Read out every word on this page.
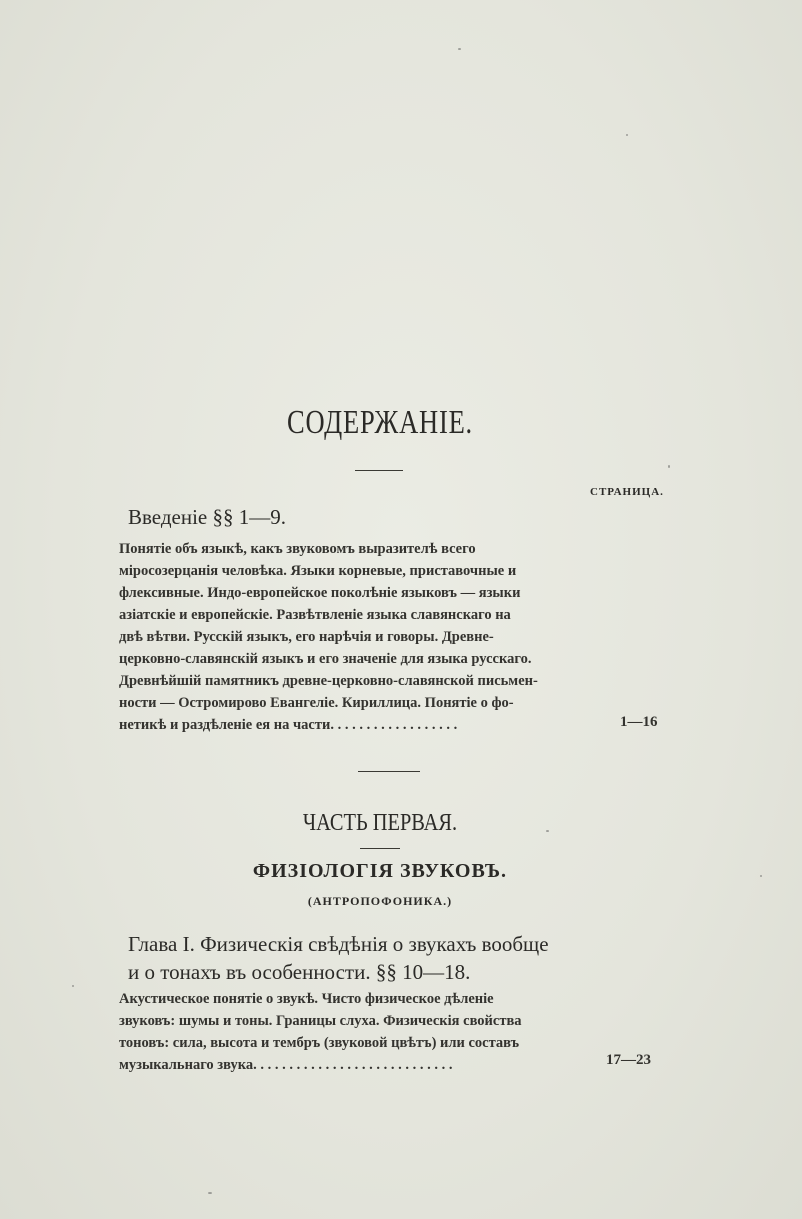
СОДЕРЖАНІЕ.
СТРАНИЦА.
Введеніе §§ 1—9.
Понятіе объ языкѣ, какъ звуковомъ выразителѣ всего
міросозерцанія человѣка. Языки корневые, приставочные и
флексивные. Индо-европейское поколѣніе языковъ — языки
азіатскіе и европейскіе. Развѣтвленіе языка славянскаго на
двѣ вѣтви. Русскій языкъ, его нарѣчія и говоры. Древне-
церковно-славянскій языкъ и его значеніе для языка русскаго.
Древнѣйшій памятникъ древне-церковно-славянской письмен-
ности — Остромирово Евангеліе. Кириллица. Понятіе о фо-
нетикѣ и раздѣленіе ея на части. . . . . . . . . . . . . . . . . .	1—16
ЧАСТЬ ПЕРВАЯ.
ФИЗІОЛОГІЯ ЗВУКОВЪ.
(АНТРОПОФОНИКА.)
Глава I. Физическія свѣдѣнія о звукахъ вообще
и о тонахъ въ особенности. §§ 10—18.
Акустическое понятіе о звукѣ. Чисто физическое дѣленіе
звуковъ: шумы и тоны. Границы слуха. Физическія свойства
тоновъ: сила, высота и тембръ (звуковой цвѣтъ) или составъ
музыкальнаго звука. . . . . . . . . . . . . . . . . . . . . . . . . . . .	17—23
